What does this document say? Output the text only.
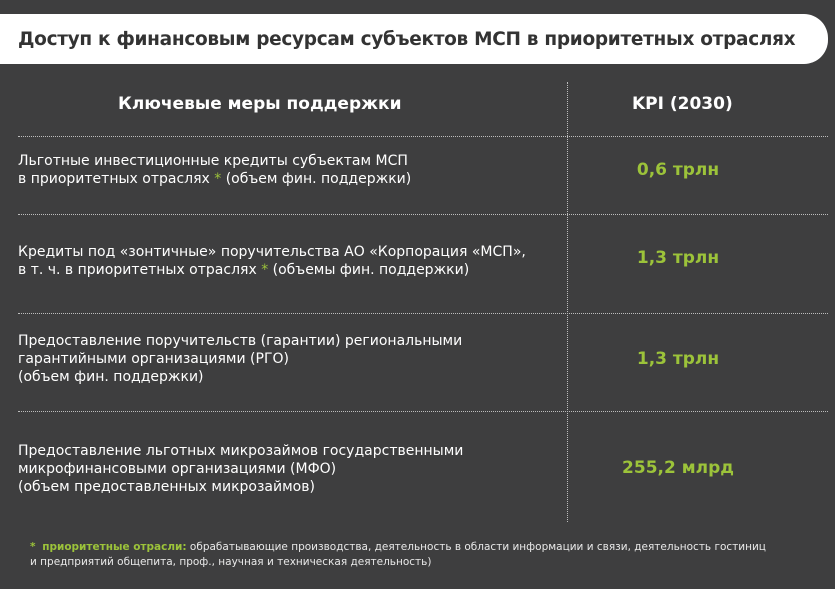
Доступ к финансовым ресурсам субъектов МСП в приоритетных отраслях
Ключевые меры поддержки	KPI (2030)
Льготные инвестиционные кредиты субъектам МСП
в приоритетных отраслях * (объем фин. поддержки)	0,6 трлн
Кредиты под «зонтичные» поручительства АО «Корпорация «МСП»,
в т. ч. в приоритетных отраслях * (объемы фин. поддержки)
1,3 трлн
Предоставление поручительств (гарантии) региональными
гарантийными организациями (РГО)
(объем фин. поддержки)
1,3 трлн
Предоставление льготных микрозаймов государственными
микрофинансовыми организациями (МФО)
(объем предоставленных микрозаймов)
255,2 млрд
* приоритетные отрасли: обрабатывающие производства, деятельность в области информации и связи, деятельность гостиниц
и предприятий общепита, проф., научная и техническая деятельность)
